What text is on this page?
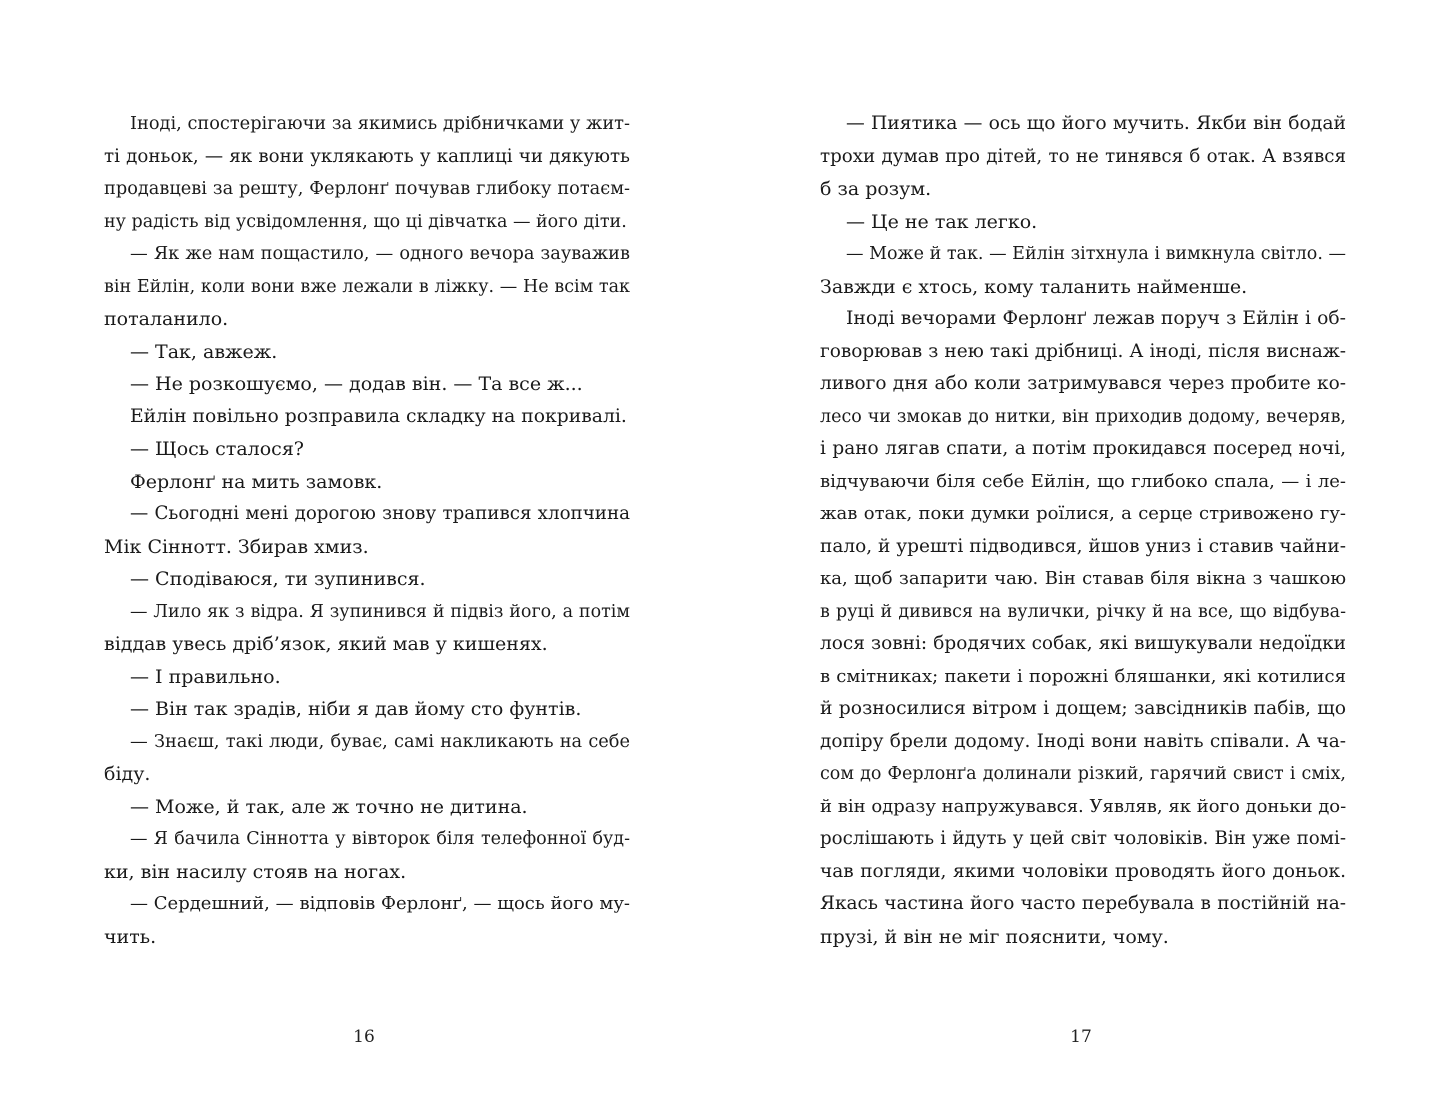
Іноді, спостерігаючи за якимись дрібничками у жит-
ті доньок, — як вони уклякають у каплиці чи дякують
продавцеві за решту, Ферлонґ почував глибоку потаєм-
ну радість від усвідомлення, що ці дівчатка — його діти.
— Як же нам пощастило, — одного вечора зауважив
він Ейлін, коли вони вже лежали в ліжку. — Не всім так
поталанило.
— Так, авжеж.
— Не розкошуємо, — додав він. — Та все ж...
Ейлін повільно розправила складку на покривалі.
— Щось сталося?
Ферлонґ на мить замовк.
— Сьогодні мені дорогою знову трапився хлопчина
Мік Сіннотт. Збирав хмиз.
— Сподіваюся, ти зупинився.
— Лило як з відра. Я зупинився й підвіз його, а потім
віддав увесь дріб’язок, який мав у кишенях.
— І правильно.
— Він так зрадів, ніби я дав йому сто фунтів.
— Знаєш, такі люди, буває, самі накликають на себе
біду.
— Може, й так, але ж точно не дитина.
— Я бачила Сіннотта у вівторок біля телефонної буд-
ки, він насилу стояв на ногах.
— Сердешний, — відповів Ферлонґ, — щось його му-
чить.
16
— Пиятика — ось що його мучить. Якби він бодай
трохи думав про дітей, то не тинявся б отак. А взявся
б за розум.
— Це не так легко.
— Може й так. — Ейлін зітхнула і вимкнула світло. —
Завжди є хтось, кому таланить найменше.
Іноді вечорами Ферлонґ лежав поруч з Ейлін і об-
говорював з нею такі дрібниці. А іноді, після виснаж-
ливого дня або коли затримувався через пробите ко-
лесо чи змокав до нитки, він приходив додому, вечеряв,
і рано лягав спати, а потім прокидався посеред ночі,
відчуваючи біля себе Ейлін, що глибоко спала, — і ле-
жав отак, поки думки роїлися, а серце стривожено гу-
пало, й урешті підводився, йшов униз і ставив чайни-
ка, щоб запарити чаю. Він ставав біля вікна з чашкою
в руці й дивився на вулички, річку й на все, що відбува-
лося зовні: бродячих собак, які вишукували недоїдки
в смітниках; пакети і порожні бляшанки, які котилися
й розносилися вітром і дощем; завсідників пабів, що
допіру брели додому. Іноді вони навіть співали. А ча-
сом до Ферлонґа долинали різкий, гарячий свист і сміх,
й він одразу напружувався. Уявляв, як його доньки до-
рослішають і йдуть у цей світ чоловіків. Він уже помі-
чав погляди, якими чоловіки проводять його доньок.
Якась частина його часто перебувала в постійній на-
прузі, й він не міг пояснити, чому.
17
